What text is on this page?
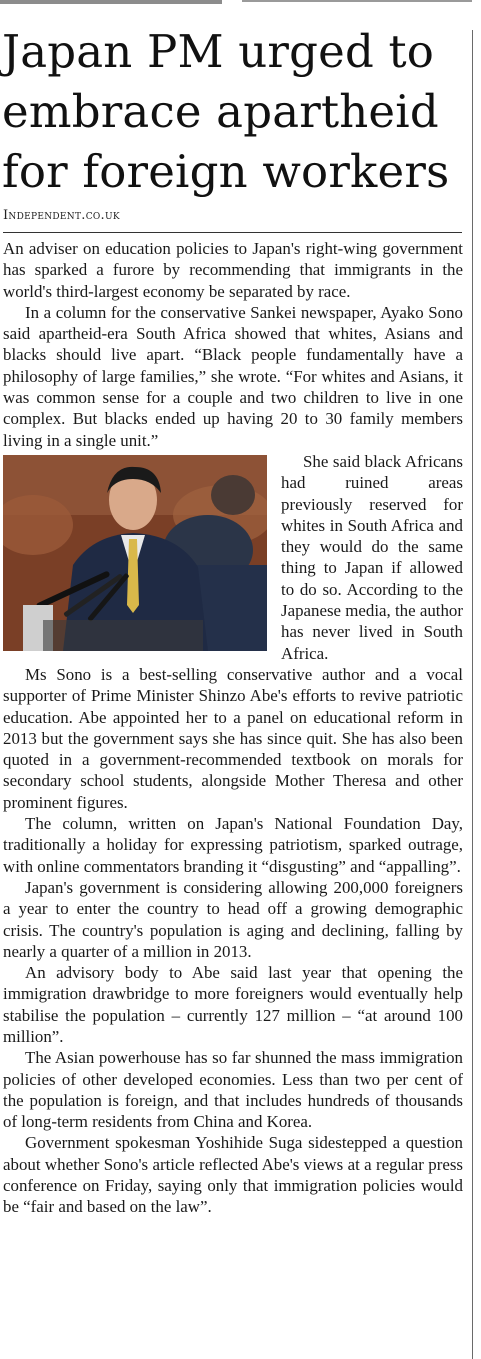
Japan PM urged to embrace apartheid for foreign workers
Independent.co.uk

An adviser on education policies to Japan's right-wing government has sparked a furore by recommending that immigrants in the world's third-largest economy be separated by race.

In a column for the conservative Sankei newspaper, Ayako Sono said apartheid-era South Africa showed that whites, Asians and blacks should live apart. “Black people fundamentally have a philosophy of large families,” she wrote. “For whites and Asians, it was common sense for a couple and two children to live in one complex. But blacks ended up having 20 to 30 family members living in a single unit.”

She said black Africans had ruined areas previously reserved for whites in South Africa and they would do the same thing to Japan if allowed to do so. According to the Japanese media, the author has never lived in South Africa.

Ms Sono is a best-selling conservative author and a vocal supporter of Prime Minister Shinzo Abe's efforts to revive patriotic education. Abe appointed her to a panel on educational reform in 2013 but the government says she has since quit. She has also been quoted in a government-recommended textbook on morals for secondary school students, alongside Mother Theresa and other prominent figures.

The column, written on Japan's National Foundation Day, traditionally a holiday for expressing patriotism, sparked outrage, with online commentators branding it “disgusting” and “appalling”.

Japan's government is considering allowing 200,000 foreigners a year to enter the country to head off a growing demographic crisis. The country's population is aging and declining, falling by nearly a quarter of a million in 2013.

An advisory body to Abe said last year that opening the immigration drawbridge to more foreigners would eventually help stabilise the population – currently 127 million – “at around 100 million”.

The Asian powerhouse has so far shunned the mass immigration policies of other developed economies. Less than two per cent of the population is foreign, and that includes hundreds of thousands of long-term residents from China and Korea.

Government spokesman Yoshihide Suga sidestepped a question about whether Sono's article reflected Abe's views at a regular press conference on Friday, saying only that immigration policies would be “fair and based on the law”.
